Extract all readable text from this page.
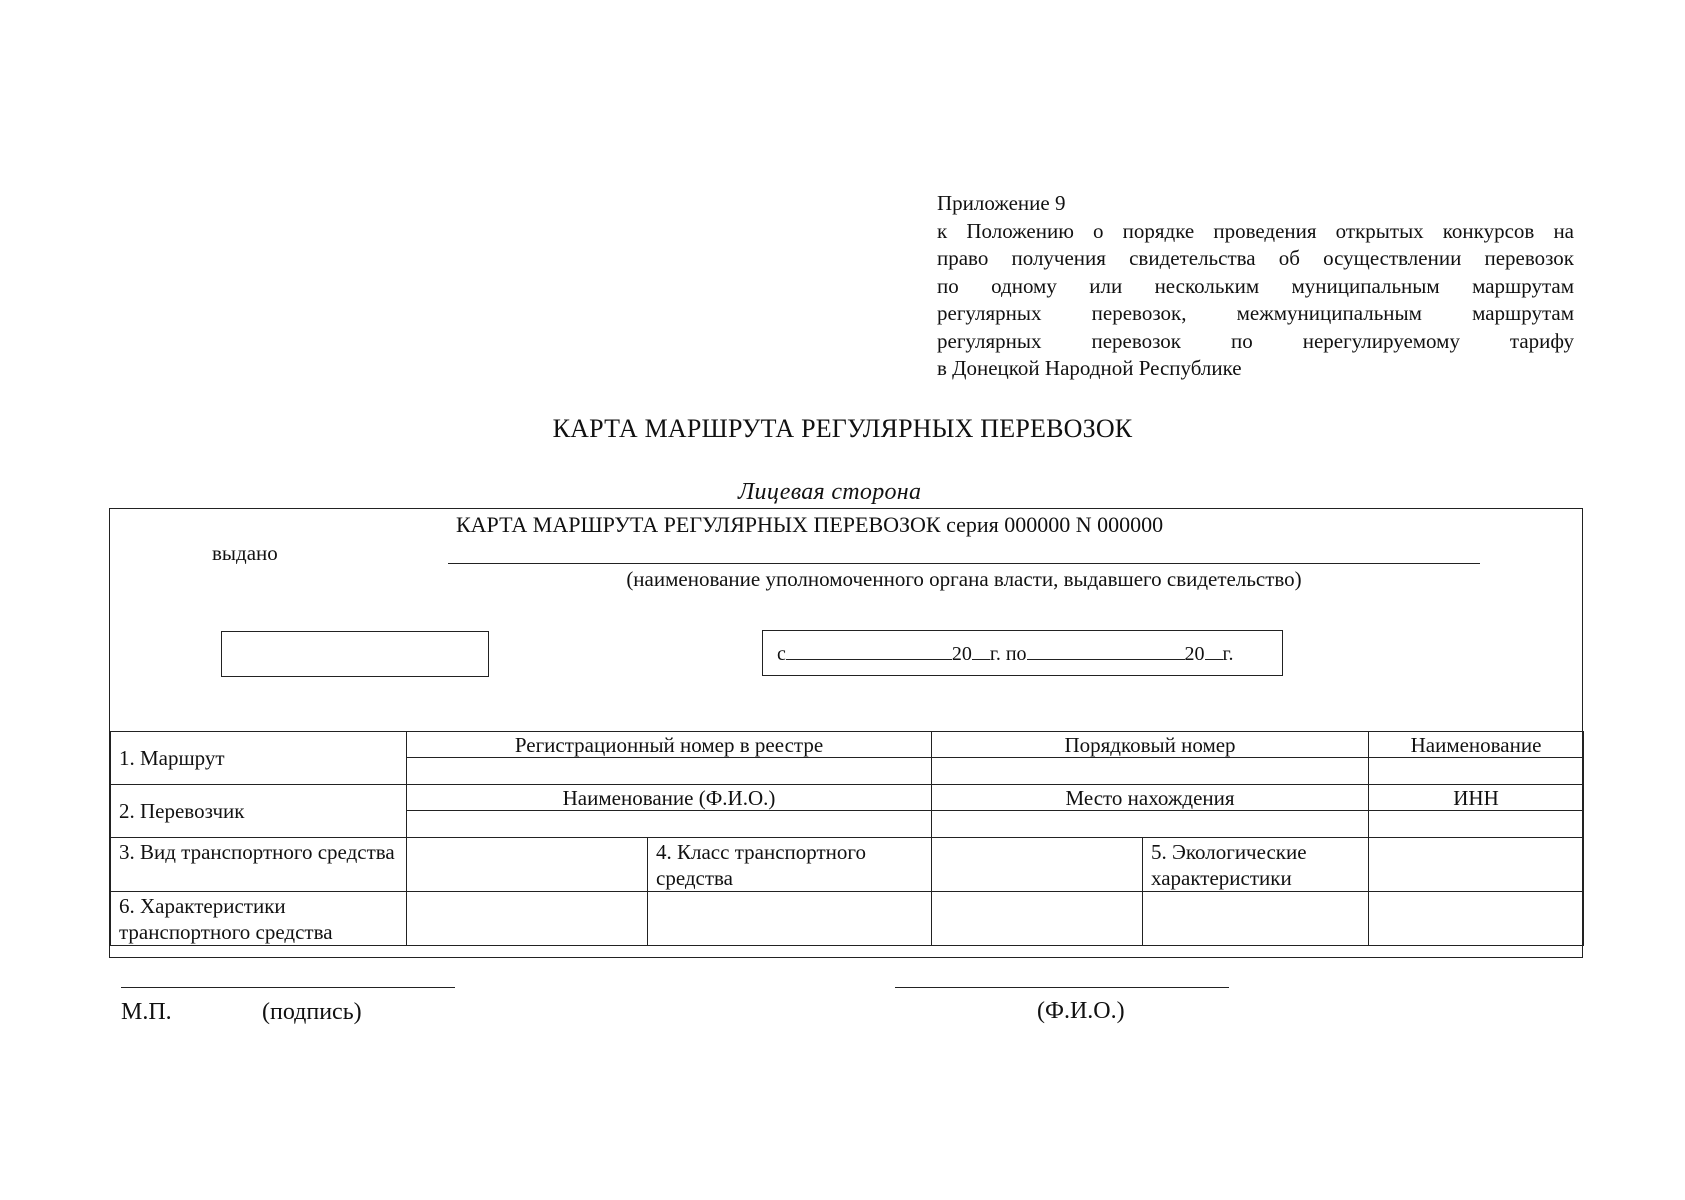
Приложение 9
к Положению о порядке проведения открытых конкурсов на
право получения свидетельства об осуществлении перевозок
по одному или нескольким муниципальным маршрутам
регулярных перевозок, межмуниципальным маршрутам
регулярных перевозок по нерегулируемому тарифу
в Донецкой Народной Республике
КАРТА МАРШРУТА РЕГУЛЯРНЫХ ПЕРЕВОЗОК
Лицевая сторона
КАРТА МАРШРУТА РЕГУЛЯРНЫХ ПЕРЕВОЗОК серия 000000 N 000000
выдано
(наименование уполномоченного органа власти, выдавшего свидетельство)
с	20 г. по	20 г.
1. Маршрут	Регистрационный номер в реестре		Порядковый номер		Наименование

2. Перевозчик	Наименование (Ф.И.О.)		Место нахождения		ИНН

3. Вид транспортного средства		4. Класс транспортного средства		5. Экологические характеристики	
6. Характеристики транспортного средства					
М.П.	(подпись)	(Ф.И.О.)
